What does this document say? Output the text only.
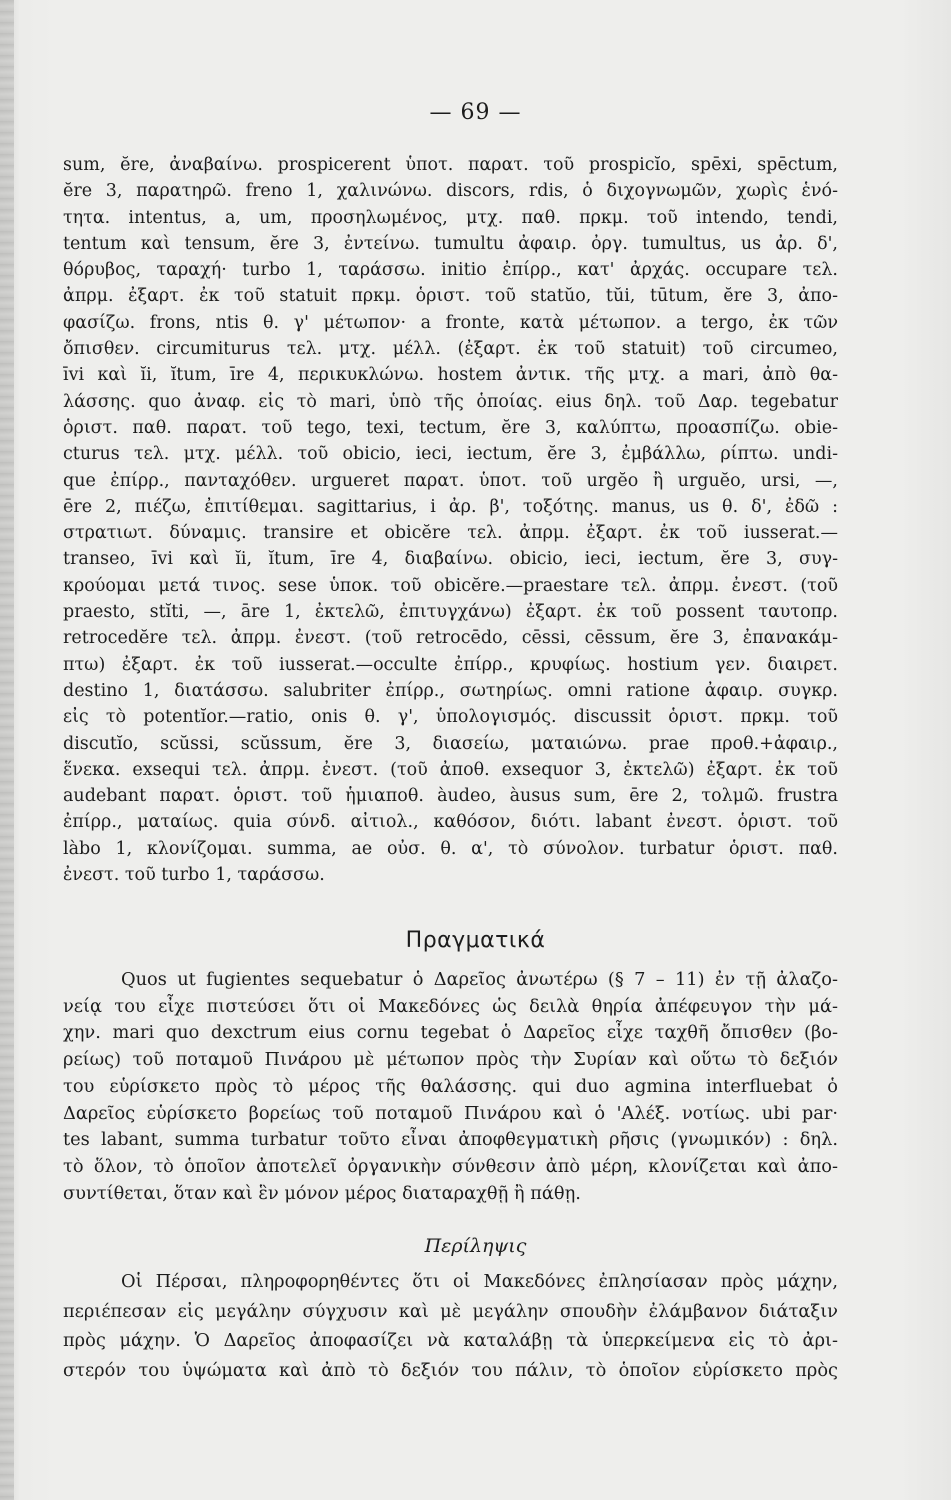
— 69 —
sum, ĕre, ἀναβαίνω. prospicerent ὑποτ. παρατ. τοῦ prospicĭo, spēxi, spēctum,
ĕre 3, παρατηρῶ. freno 1, χαλινώνω. discors, rdis, ὁ διχογνωμῶν, χωρὶς ἑνό-
τητα. intentus, a, um, προσηλωμένος, μτχ. παθ. πρκμ. τοῦ intendo, tendi,
tentum καὶ tensum, ĕre 3, ἐντείνω. tumultu ἀφαιρ. ὀργ. tumultus, us ἀρ. δ',
θόρυβος, ταραχή· turbo 1, ταράσσω. initio ἐπίρρ., κατ' ἀρχάς. occupare τελ.
ἀπρμ. ἐξαρτ. ἐκ τοῦ statuit πρκμ. ὁριστ. τοῦ statŭo, tŭi, tūtum, ĕre 3, ἀπο-
φασίζω. frons, ntis θ. γ' μέτωπον· a fronte, κατὰ μέτωπον. a tergo, ἐκ τῶν
ὄπισθεν. circumiturus τελ. μτχ. μέλλ. (ἐξαρτ. ἐκ τοῦ statuit) τοῦ circumeo,
īvi καὶ ĭi, ĭtum, īre 4, περικυκλώνω. hostem ἀντικ. τῆς μτχ. a mari, ἀπὸ θα-
λάσσης. quo ἀναφ. εἰς τὸ mari, ὑπὸ τῆς ὁποίας. eius δηλ. τοῦ Δαρ. tegebatur
ὁριστ. παθ. παρατ. τοῦ tego, texi, tectum, ĕre 3, καλύπτω, προασπίζω. obie-
cturus τελ. μτχ. μέλλ. τοῦ obicio, ieci, iectum, ĕre 3, ἐμβάλλω, ρίπτω. undi-
que ἐπίρρ., πανταχόθεν. urgueret παρατ. ὑποτ. τοῦ urgĕo ἢ urguĕo, ursi, —,
ēre 2, πιέζω, ἐπιτίθεμαι. sagittarius, i ἀρ. β', τοξότης. manus, us θ. δ', ἐδῶ :
στρατιωτ. δύναμις. transire et obicĕre τελ. ἀπρμ. ἐξαρτ. ἐκ τοῦ iusserat.—
transeo, īvi καὶ ĭi, ĭtum, īre 4, διαβαίνω. obicio, ieci, iectum, ĕre 3, συγ-
κρούομαι μετά τινος. sese ὑποκ. τοῦ obicĕre.—praestare τελ. ἀπρμ. ἐνεστ. (τοῦ
praesto, stĭti, —, āre 1, ἐκτελῶ, ἐπιτυγχάνω) ἐξαρτ. ἐκ τοῦ possent ταυτοπρ.
retrocedĕre τελ. ἀπρμ. ἐνεστ. (τοῦ retrocēdo, cēssi, cēssum, ĕre 3, ἐπανακάμ-
πτω) ἐξαρτ. ἐκ τοῦ iusserat.—occulte ἐπίρρ., κρυφίως. hostium γεν. διαιρετ.
destino 1, διατάσσω. salubriter ἐπίρρ., σωτηρίως. omni ratione ἀφαιρ. συγκρ.
εἰς τὸ potentĭor.—ratio, onis θ. γ', ὑπολογισμός. discussit ὁριστ. πρκμ. τοῦ
discutĭo, scŭssi, scŭssum, ĕre 3, διασείω, ματαιώνω. prae προθ.+ἀφαιρ.,
ἕνεκα. exsequi τελ. ἀπρμ. ἐνεστ. (τοῦ ἀποθ. exsequor 3, ἐκτελῶ) ἐξαρτ. ἐκ τοῦ
audebant παρατ. ὁριστ. τοῦ ἡμιαποθ. àudeo, àusus sum, ēre 2, τολμῶ. frustra
ἐπίρρ., ματαίως. quia σύνδ. αἰτιολ., καθόσον, διότι. labant ἐνεστ. ὁριστ. τοῦ
làbo 1, κλονίζομαι. summa, ae οὐσ. θ. α', τὸ σύνολον. turbatur ὁριστ. παθ.
ἐνεστ. τοῦ turbo 1, ταράσσω.
Πραγματικά
Quos ut fugientes sequebatur ὁ Δαρεῖος ἀνωτέρω (§ 7 – 11) ἐν τῇ ἀλαζο-
νείᾳ του εἶχε πιστεύσει ὅτι οἱ Μακεδόνες ὡς δειλὰ θηρία ἀπέφευγον τὴν μά-
χην. mari quo dexctrum eius cornu tegebat ὁ Δαρεῖος εἶχε ταχθῆ ὄπισθεν (βο-
ρείως) τοῦ ποταμοῦ Πινάρου μὲ μέτωπον πρὸς τὴν Συρίαν καὶ οὕτω τὸ δεξιόν
του εὑρίσκετο πρὸς τὸ μέρος τῆς θαλάσσης. qui duo agmina interfluebat ὁ
Δαρεῖος εὑρίσκετο βορείως τοῦ ποταμοῦ Πινάρου καὶ ὁ 'Αλέξ. νοτίως. ubi par·
tes labant, summa turbatur τοῦτο εἶναι ἀποφθεγματικὴ ρῆσις (γνωμικόν) : δηλ.
τὸ ὅλον, τὸ ὁποῖον ἀποτελεῖ ὀργανικὴν σύνθεσιν ἀπὸ μέρη, κλονίζεται καὶ ἀπο-
συντίθεται, ὅταν καὶ ἓν μόνον μέρος διαταραχθῇ ἢ πάθῃ.
Περίληψις
Οἱ Πέρσαι, πληροφορηθέντες ὅτι οἱ Μακεδόνες ἐπλησίασαν πρὸς μάχην,
περιέπεσαν εἰς μεγάλην σύγχυσιν καὶ μὲ μεγάλην σπουδὴν ἐλάμβανον διάταξιν
πρὸς μάχην. Ὁ Δαρεῖος ἀποφασίζει νὰ καταλάβῃ τὰ ὑπερκείμενα εἰς τὸ ἀρι-
στερόν του ὑψώματα καὶ ἀπὸ τὸ δεξιόν του πάλιν, τὸ ὁποῖον εὑρίσκετο πρὸς
